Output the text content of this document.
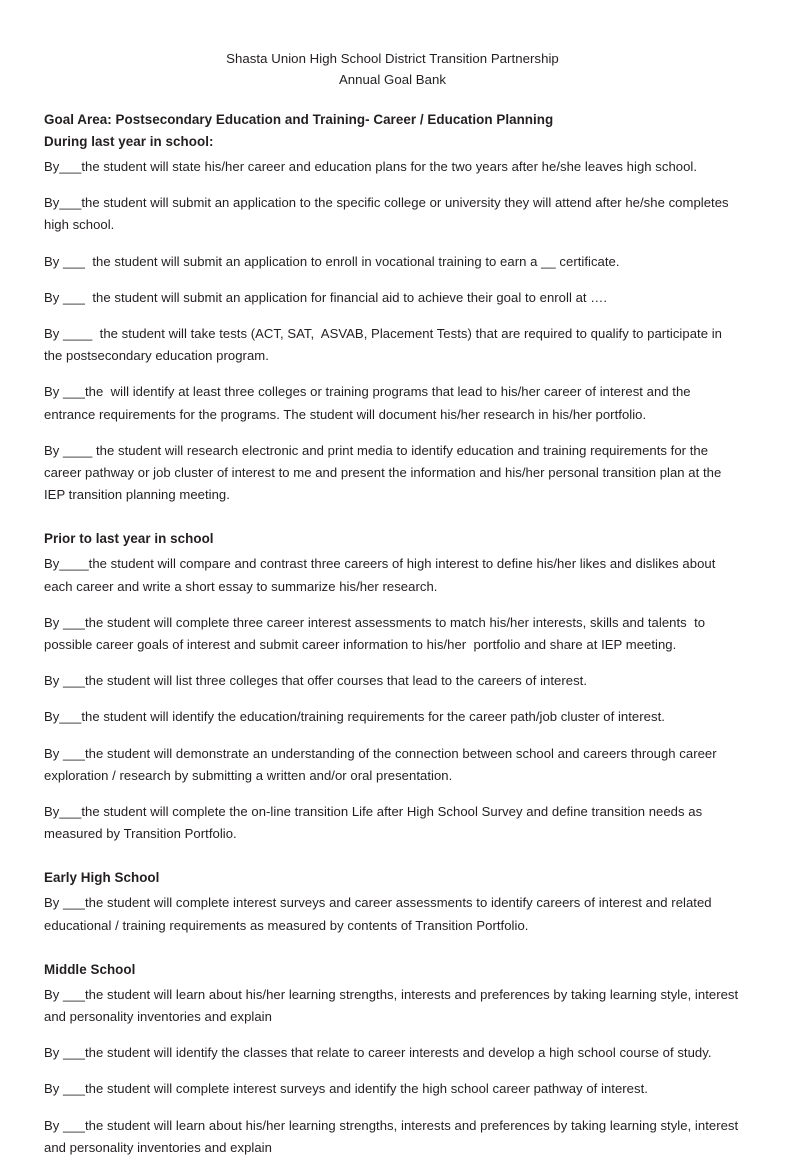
Shasta Union High School District Transition Partnership
Annual Goal Bank
Goal Area: Postsecondary Education and Training- Career / Education Planning
During last year in school:
By___the student will state his/her career and education plans for the two years after he/she leaves high school.
By___the student will submit an application to the specific college or university they will attend after he/she completes high school.
By ___  the student will submit an application to enroll in vocational training to earn a __ certificate.
By ___  the student will submit an application for financial aid to achieve their goal to enroll at ….
By ____  the student will take tests (ACT, SAT,  ASVAB, Placement Tests) that are required to qualify to participate in the postsecondary education program.
By ___the  will identify at least three colleges or training programs that lead to his/her career of interest and the entrance requirements for the programs. The student will document his/her research in his/her portfolio.
By ____ the student will research electronic and print media to identify education and training requirements for the career pathway or job cluster of interest to me and present the information and his/her personal transition plan at the IEP transition planning meeting.
Prior to last year in school
By____the student will compare and contrast three careers of high interest to define his/her likes and dislikes about each career and write a short essay to summarize his/her research.
By ___the student will complete three career interest assessments to match his/her interests, skills and talents  to possible career goals of interest and submit career information to his/her  portfolio and share at IEP meeting.
By ___the student will list three colleges that offer courses that lead to the careers of interest.
By___the student will identify the education/training requirements for the career path/job cluster of interest.
By ___the student will demonstrate an understanding of the connection between school and careers through career exploration / research by submitting a written and/or oral presentation.
By___the student will complete the on-line transition Life after High School Survey and define transition needs as measured by Transition Portfolio.
Early High School
By ___the student will complete interest surveys and career assessments to identify careers of interest and related educational / training requirements as measured by contents of Transition Portfolio.
Middle School
By ___the student will learn about his/her learning strengths, interests and preferences by taking learning style, interest and personality inventories and explain
By ___the student will identify the classes that relate to career interests and develop a high school course of study.
By ___the student will complete interest surveys and identify the high school career pathway of interest.
By ___the student will learn about his/her learning strengths, interests and preferences by taking learning style, interest and personality inventories and explain
